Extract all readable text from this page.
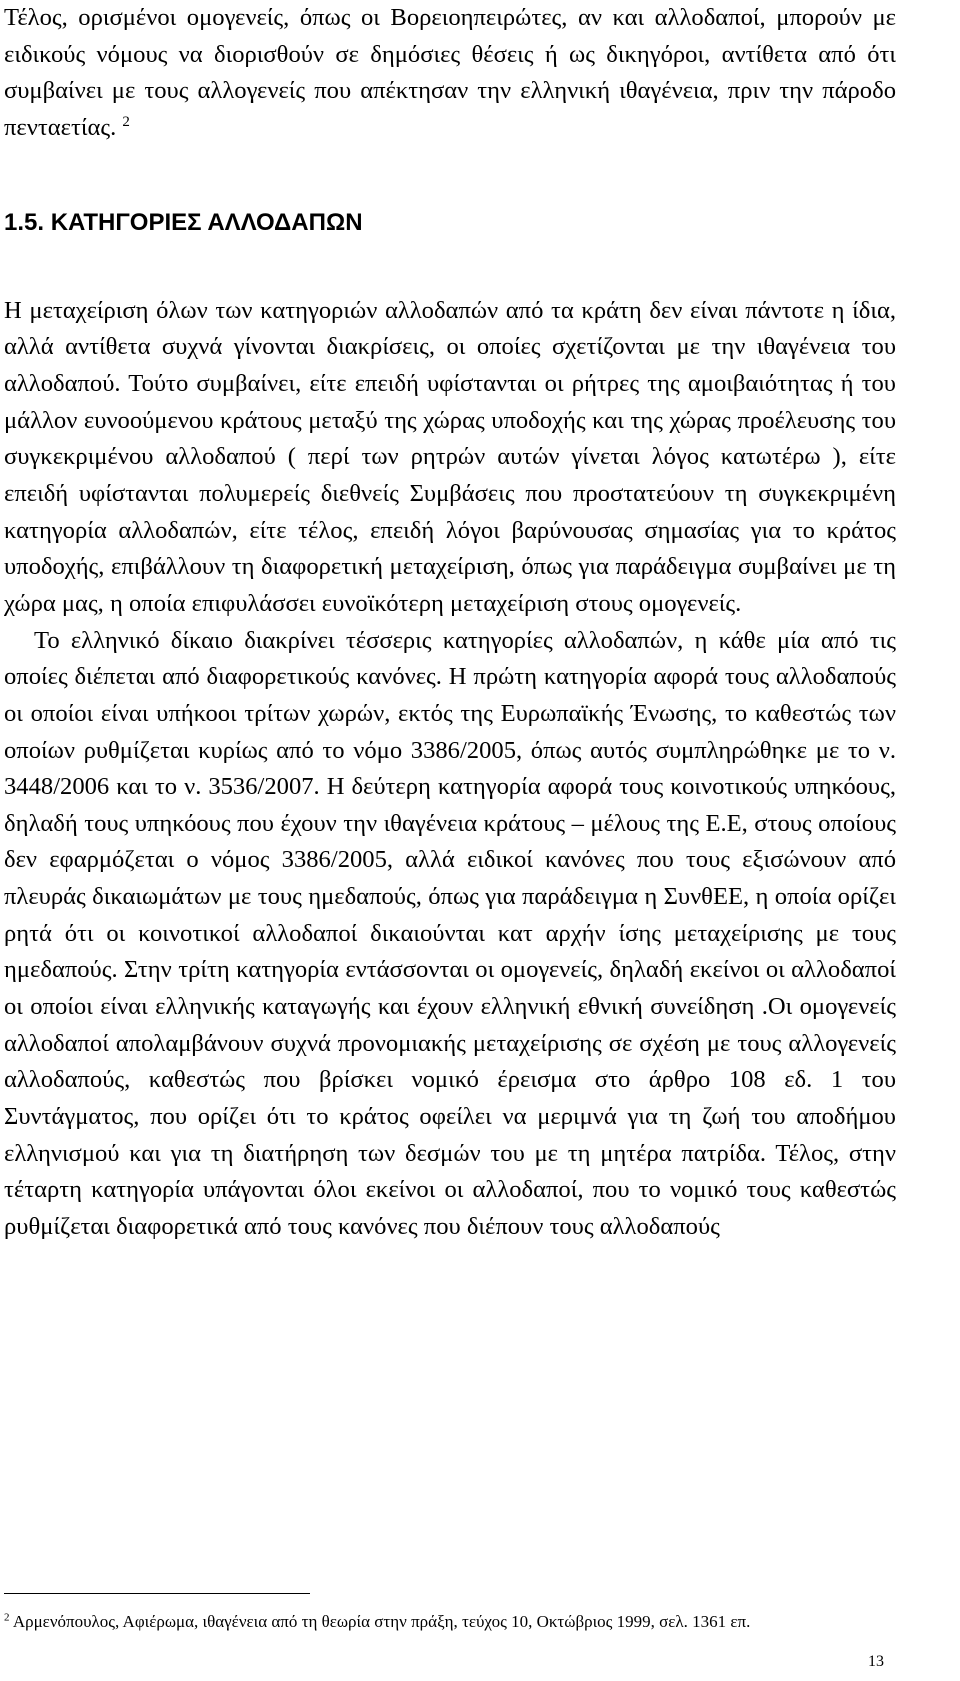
Τέλος, ορισμένοι ομογενείς, όπως οι Βορειοηπειρώτες, αν και αλλοδαποί, μπορούν με ειδικούς νόμους να διορισθούν σε δημόσιες θέσεις ή ως δικηγόροι, αντίθετα από ότι συμβαίνει με τους αλλογενείς που απέκτησαν την ελληνική ιθαγένεια, πριν την πάροδο πενταετίας. $^2$

1.5. ΚΑΤΗΓΟΡΙΕΣ ΑΛΛΟΔΑΠΩΝ

Η μεταχείριση όλων των κατηγοριών αλλοδαπών από τα κράτη δεν είναι πάντοτε η ίδια, αλλά αντίθετα συχνά γίνονται διακρίσεις, οι οποίες σχετίζονται με την ιθαγένεια του αλλοδαπού. Τούτο συμβαίνει, είτε επειδή υφίστανται οι ρήτρες της αμοιβαιότητας ή του μάλλον ευνοούμενου κράτους μεταξύ της χώρας υποδοχής και της χώρας προέλευσης του συγκεκριμένου αλλοδαπού ( περί των ρητρών αυτών γίνεται λόγος κατωτέρω ), είτε επειδή υφίστανται πολυμερείς διεθνείς Συμβάσεις που προστατεύουν τη συγκεκριμένη κατηγορία αλλοδαπών, είτε τέλος, επειδή λόγοι βαρύνουσας σημασίας για το κράτος υποδοχής, επιβάλλουν τη διαφορετική μεταχείριση, όπως για παράδειγμα συμβαίνει με τη χώρα μας, η οποία επιφυλάσσει ευνοϊκότερη μεταχείριση στους ομογενείς.

Το ελληνικό δίκαιο διακρίνει τέσσερις κατηγορίες αλλοδαπών, η κάθε μία από τις οποίες διέπεται από διαφορετικούς κανόνες. Η πρώτη κατηγορία αφορά τους αλλοδαπούς οι οποίοι είναι υπήκοοι τρίτων χωρών, εκτός της Ευρωπαϊκής Ένωσης, το καθεστώς των οποίων ρυθμίζεται κυρίως από το νόμο 3386/2005, όπως αυτός συμπληρώθηκε με το ν. 3448/2006 και το ν. 3536/2007. Η δεύτερη κατηγορία αφορά τους κοινοτικούς υπηκόους, δηλαδή τους υπηκόους που έχουν την ιθαγένεια κράτους – μέλους της Ε.Ε, στους οποίους δεν εφαρμόζεται ο νόμος 3386/2005, αλλά ειδικοί κανόνες που τους εξισώνουν από πλευράς δικαιωμάτων με τους ημεδαπούς, όπως για παράδειγμα η ΣυνθΕΕ, η οποία ορίζει ρητά ότι οι κοινοτικοί αλλοδαποί δικαιούνται κατ αρχήν ίσης μεταχείρισης με τους ημεδαπούς. Στην τρίτη κατηγορία εντάσσονται οι ομογενείς, δηλαδή εκείνοι οι αλλοδαποί οι οποίοι είναι ελληνικής καταγωγής και έχουν ελληνική εθνική συνείδηση .Οι ομογενείς αλλοδαποί απολαμβάνουν συχνά προνομιακής μεταχείρισης σε σχέση με τους αλλογενείς αλλοδαπούς, καθεστώς που βρίσκει νομικό έρεισμα στο άρθρο 108 εδ. 1 του Συντάγματος, που ορίζει ότι το κράτος οφείλει να μεριμνά για τη ζωή του αποδήμου ελληνισμού και για τη διατήρηση των δεσμών του με τη μητέρα πατρίδα. Τέλος, στην τέταρτη κατηγορία υπάγονται όλοι εκείνοι οι αλλοδαποί, που το νομικό τους καθεστώς ρυθμίζεται διαφορετικά από τους κανόνες που διέπουν τους αλλοδαπούς

$^2$ Αρμενόπουλος, Αφιέρωμα, ιθαγένεια από τη θεωρία στην πράξη, τεύχος 10, Οκτώβριος 1999, σελ. 1361 επ.
13
